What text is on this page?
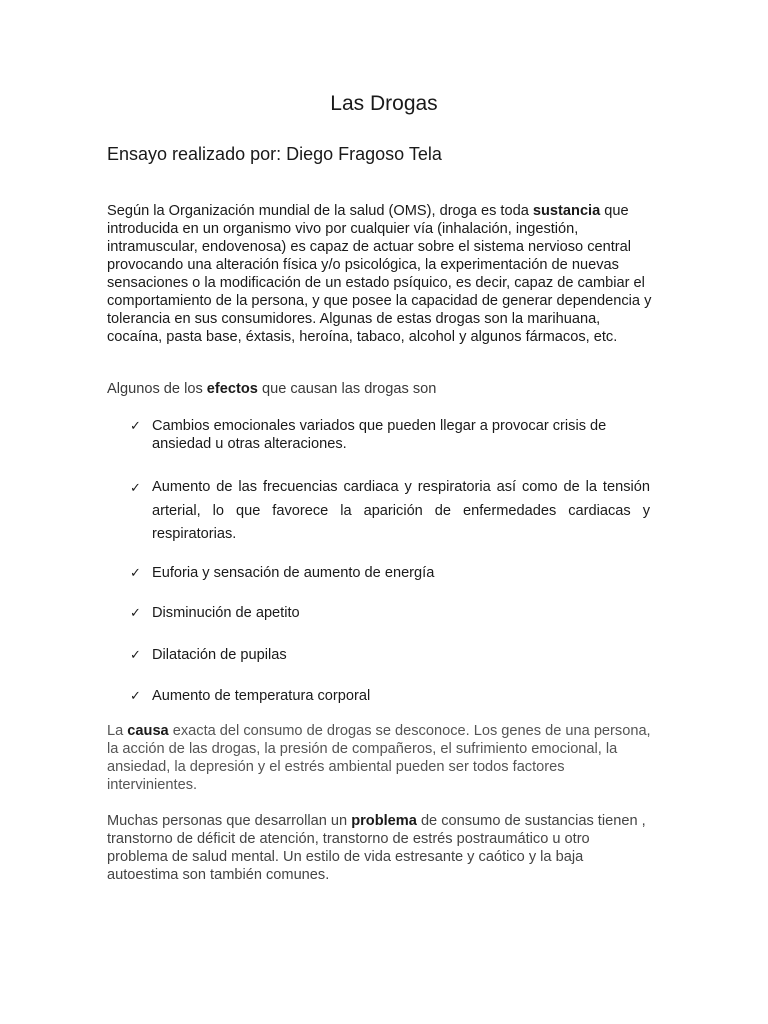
Las Drogas
Ensayo realizado por: Diego Fragoso Tela

Según la Organización mundial de la salud (OMS), droga es toda sustancia que introducida en un organismo vivo por cualquier vía (inhalación, ingestión, intramuscular, endovenosa) es capaz de actuar sobre el sistema nervioso central provocando una alteración física y/o psicológica, la experimentación de nuevas sensaciones o la modificación de un estado psíquico, es decir, capaz de cambiar el comportamiento de la persona, y que posee la capacidad de generar dependencia y tolerancia en sus consumidores. Algunas de estas drogas son la marihuana, cocaína, pasta base, éxtasis, heroína, tabaco, alcohol y algunos fármacos, etc.

Algunos de los efectos que causan las drogas son

✓ Cambios emocionales variados que pueden llegar a provocar crisis de ansiedad u otras alteraciones.
✓ Aumento de las frecuencias cardiaca y respiratoria así como de la tensión arterial, lo que favorece la aparición de enfermedades cardiacas y respiratorias.
✓ Euforia y sensación de aumento de energía
✓ Disminución de apetito
✓ Dilatación de pupilas
✓ Aumento de temperatura corporal

La causa exacta del consumo de drogas se desconoce. Los genes de una persona, la acción de las drogas, la presión de compañeros, el sufrimiento emocional, la ansiedad, la depresión y el estrés ambiental pueden ser todos factores intervinientes.

Muchas personas que desarrollan un problema de consumo de sustancias tienen , transtorno de déficit de atención, transtorno de estrés postraumático u otro problema de salud mental. Un estilo de vida estresante y caótico y la baja autoestima son también comunes.
